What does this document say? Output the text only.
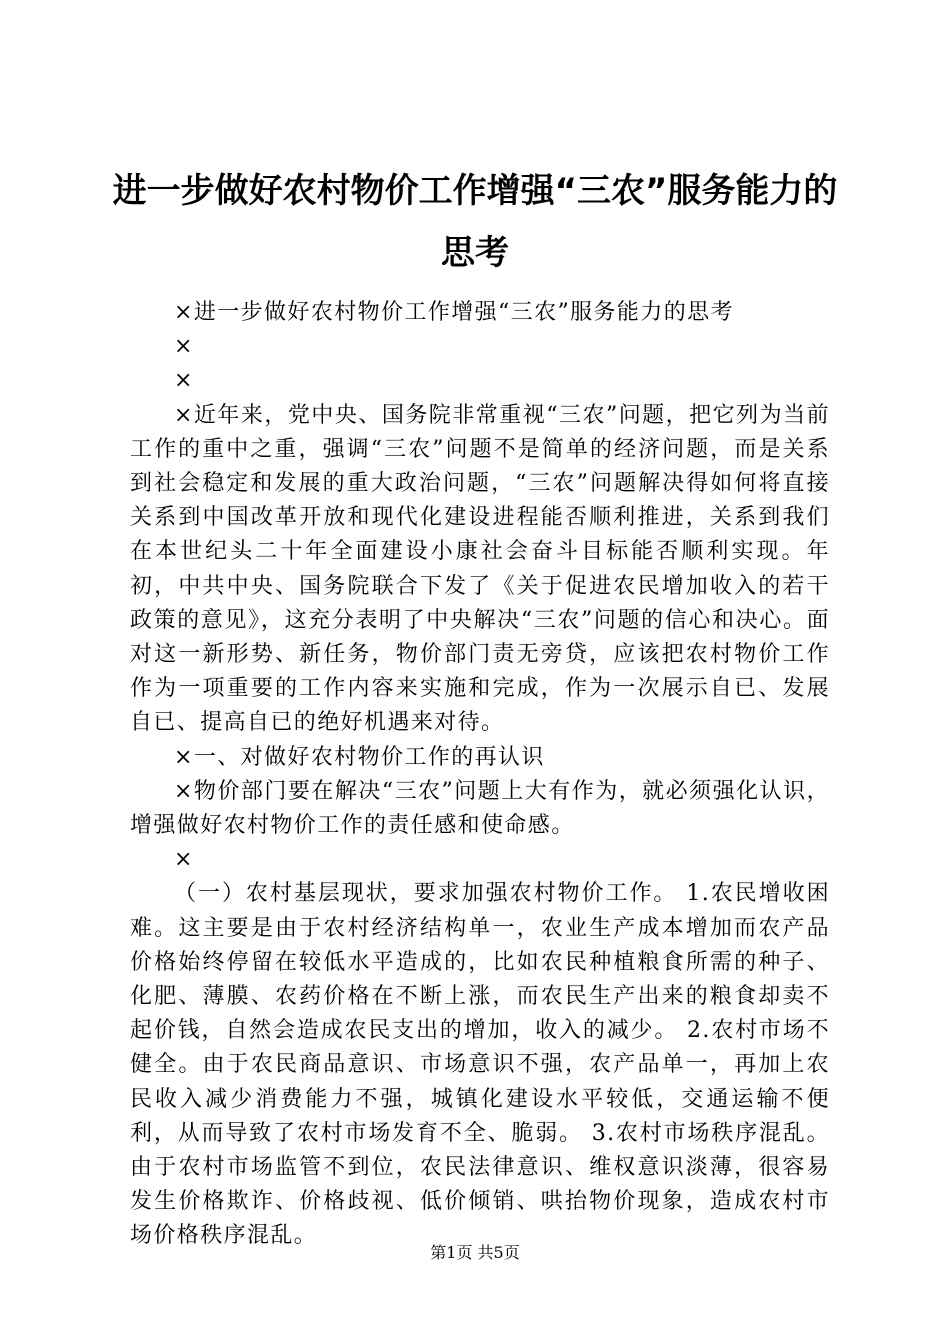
进一步做好农村物价工作增强“三农”服务能力的思考

×进一步做好农村物价工作增强“三农”服务能力的思考

×

×

×近年来，党中央、国务院非常重视“三农”问题，把它列为当前工作的重中之重，强调“三农”问题不是简单的经济问题，而是关系到社会稳定和发展的重大政治问题，“三农”问题解决得如何将直接关系到中国改革开放和现代化建设进程能否顺利推进，关系到我们在本世纪头二十年全面建设小康社会奋斗目标能否顺利实现。年初，中共中央、国务院联合下发了《关于促进农民增加收入的若干政策的意见》，这充分表明了中央解决“三农”问题的信心和决心。面对这一新形势、新任务，物价部门责无旁贷，应该把农村物价工作作为一项重要的工作内容来实施和完成，作为一次展示自已、发展自已、提高自已的绝好机遇来对待。

×一、对做好农村物价工作的再认识

×物价部门要在解决“三农”问题上大有作为，就必须强化认识，增强做好农村物价工作的责任感和使命感。

×

（一）农村基层现状，要求加强农村物价工作。 1.农民增收困难。这主要是由于农村经济结构单一，农业生产成本增加而农产品价格始终停留在较低水平造成的，比如农民种植粮食所需的种子、化肥、薄膜、农药价格在不断上涨，而农民生产出来的粮食却卖不起价钱，自然会造成农民支出的增加，收入的减少。 2.农村市场不健全。由于农民商品意识、市场意识不强，农产品单一，再加上农民收入减少消费能力不强，城镇化建设水平较低，交通运输不便利，从而导致了农村市场发育不全、脆弱。 3.农村市场秩序混乱。由于农村市场监管不到位，农民法律意识、维权意识淡薄，很容易发生价格欺诈、价格歧视、低价倾销、哄抬物价现象，造成农村市场价格秩序混乱。

第1页 共5页
